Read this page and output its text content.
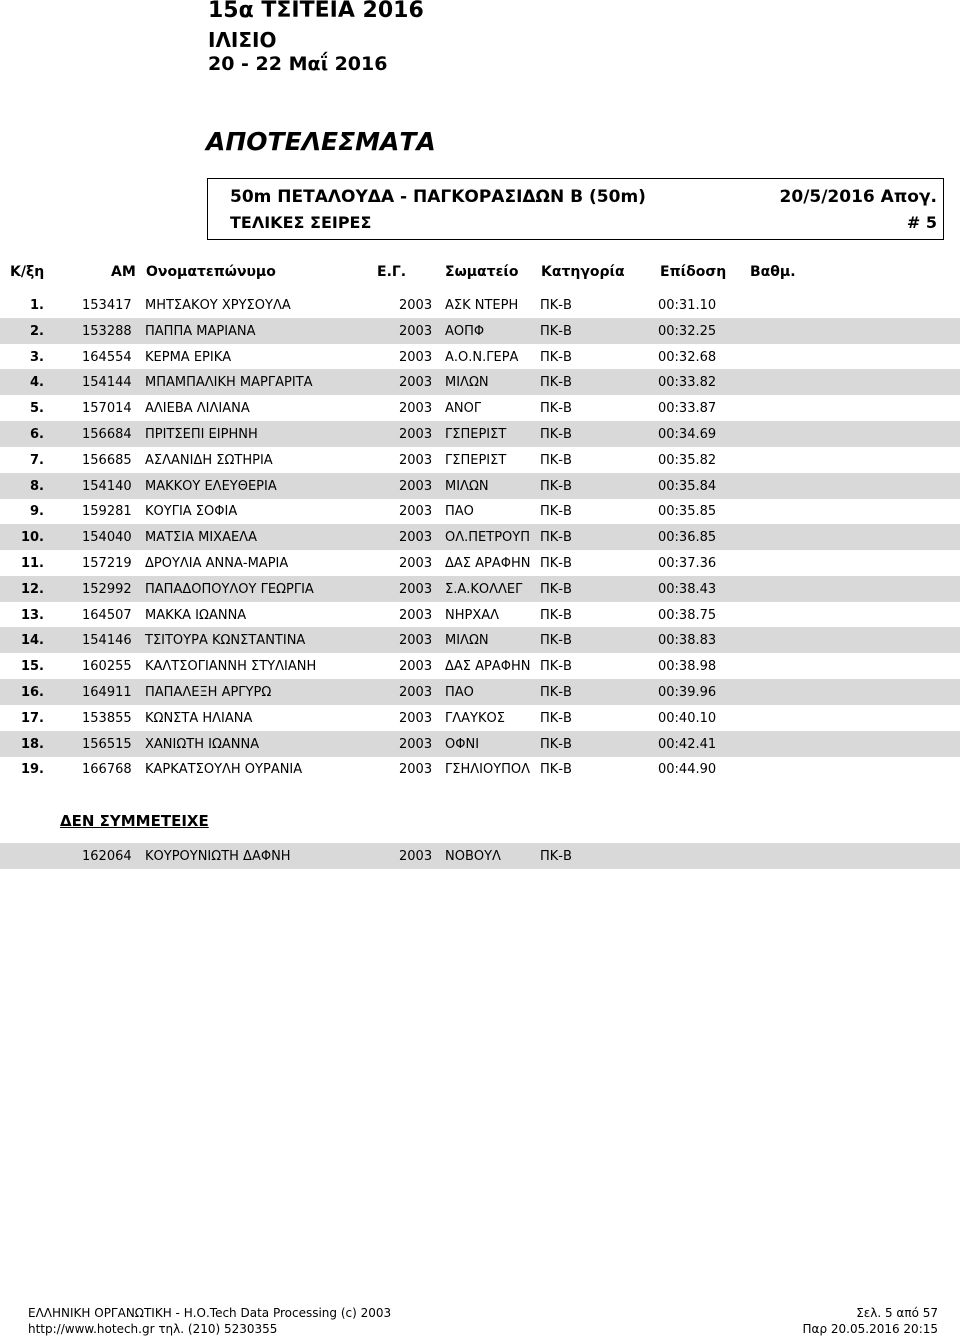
15α ΤΣΙΤΕΙΑ 2016
ΙΛΙΣΙΟ
20 - 22 Μαΐ 2016
ΑΠΟΤΕΛΕΣΜΑΤΑ
50m ΠΕΤΑΛΟΥΔΑ - ΠΑΓΚΟΡΑΣΙΔΩΝ Β (50m)	20/5/2016 Απογ.
ΤΕΛΙΚΕΣ ΣΕΙΡΕΣ	# 5
Κ/ξη	ΑΜ Ονοματεπώνυμο	Ε.Γ.	Σωματείο Κατηγορία	Επίδοση Βαθμ.
1.	153417 ΜΗΤΣΑΚΟΥ ΧΡΥΣΟΥΛΑ	2003 ΑΣΚ ΝΤΕΡΗ	ΠΚ-Β	00:31.10
2.	153288 ΠΑΠΠΑ ΜΑΡΙΑΝΑ	2003 ΑΟΠΦ	ΠΚ-Β	00:32.25
3.	164554 ΚΕΡΜΑ ΕΡΙΚΑ	2003 Α.Ο.Ν.ΓΕΡΑ	ΠΚ-Β	00:32.68
4.	154144 ΜΠΑΜΠΑΛΙΚΗ ΜΑΡΓΑΡΙΤΑ	2003 ΜΙΛΩΝ	ΠΚ-Β	00:33.82
5.	157014 ΑΛΙΕΒΑ ΛΙΛΙΑΝΑ	2003 ΑΝΟΓ	ΠΚ-Β	00:33.87
6.	156684 ΠΡΙΤΣΕΠΙ ΕΙΡΗΝΗ	2003 ΓΣΠΕΡΙΣΤ	ΠΚ-Β	00:34.69
7.	156685 ΑΣΛΑΝΙΔΗ ΣΩΤΗΡΙΑ	2003 ΓΣΠΕΡΙΣΤ	ΠΚ-Β	00:35.82
8.	154140 ΜΑΚΚΟΥ ΕΛΕΥΘΕΡΙΑ	2003 ΜΙΛΩΝ	ΠΚ-Β	00:35.84
9.	159281 ΚΟΥΓΙΑ ΣΟΦΙΑ	2003 ΠΑΟ	ΠΚ-Β	00:35.85
10.	154040 ΜΑΤΣΙΑ ΜΙΧΑΕΛΑ	2003 ΟΛ.ΠΕΤΡΟΥΠ ΠΚ-Β	00:36.85
11.	157219 ΔΡΟΥΛΙΑ ΑΝΝΑ-ΜΑΡΙΑ	2003 ΔΑΣ ΑΡΑΦΗΝ ΠΚ-Β	00:37.36
12.	152992 ΠΑΠΑΔΟΠΟΥΛΟΥ ΓΕΩΡΓΙΑ	2003 Σ.Α.ΚΟΛΛΕΓ	ΠΚ-Β	00:38.43
13.	164507 ΜΑΚΚΑ ΙΩΑΝΝΑ	2003 ΝΗΡΧΑΛ	ΠΚ-Β	00:38.75
14.	154146 ΤΣΙΤΟΥΡΑ ΚΩΝΣΤΑΝΤΙΝΑ	2003 ΜΙΛΩΝ	ΠΚ-Β	00:38.83
15.	160255 ΚΑΛΤΣΟΓΙΑΝΝΗ ΣΤΥΛΙΑΝΗ	2003 ΔΑΣ ΑΡΑΦΗΝ ΠΚ-Β	00:38.98
16.	164911 ΠΑΠΑΛΕΞΗ ΑΡΓΥΡΩ	2003 ΠΑΟ	ΠΚ-Β	00:39.96
17.	153855 ΚΩΝΣΤΑ ΗΛΙΑΝΑ	2003 ΓΛΑΥΚΟΣ	ΠΚ-Β	00:40.10
18.	156515 ΧΑΝΙΩΤΗ ΙΩΑΝΝΑ	2003 ΟΦΝΙ	ΠΚ-Β	00:42.41
19.	166768 ΚΑΡΚΑΤΣΟΥΛΗ ΟΥΡΑΝΙΑ	2003 ΓΣΗΛΙΟΥΠΟΛ ΠΚ-Β	00:44.90
ΔΕΝ ΣΥΜΜΕΤΕΙΧΕ
162064 ΚΟΥΡΟΥΝΙΩΤΗ ΔΑΦΝΗ	2003 ΝΟΒΟΥΛ	ΠΚ-Β
ΕΛΛΗΝΙΚΗ ΟΡΓΑΝΩΤΙΚΗ - Η.Ο.Tech Data Processing (c) 2003
http://www.hotech.gr τηλ. (210) 5230355
Σελ. 5 από 57
Παρ 20.05.2016 20:15
